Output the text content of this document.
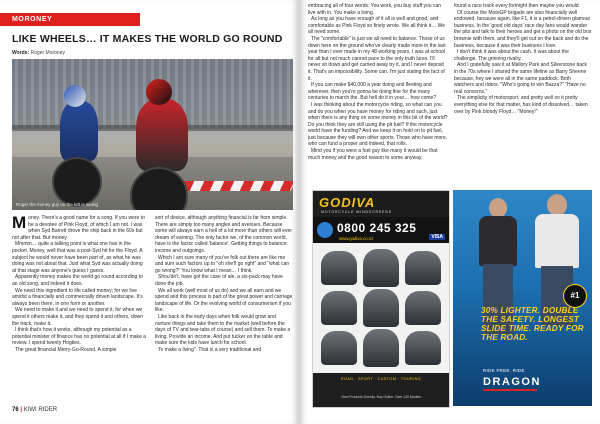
MORONEY
LIKE WHEELS… IT MAKES THE WORLD GO ROUND
Words: Roger Moroney
Roger the money guy on the left is wrong

Money. There's a good name for a song. If you were to be a devotee of Pink Floyd, of which I am not. I was when Syd Barrett drove the ship back in the 60s but not after that. But money.

Mmmm… quite a talking point is what one has in the pocket. Money, well that was a post-Syd hit for the Floyd. A subject he would never have been part of, as what he was doing was not about that. Just what Syd was actually doing at that stage was anyone's guess I guess.

Apparently money makes the world go round according to an old song, and indeed it does.

We need this ingredient to life called money; for we live amidst a financially and commercially driven landscape. It's always been there, in one form or another.

We need to make it and we need to spend it, for when we spend it others make it, and they spend it and others, down the track, make it.

I think that's how it works, although my potential as a potential minister of finance has no potential at all if I make a review. I spend twenty Hogties.

The great financial Merry-Go-Round. A simple

sort of device, although anything financial is far from simple. There are simply too many angles and avenues. Because some will always earn a hell of a lot more than others will ever dream of earning. The only factor we, of the common world, have is the factor called 'balance'. Getting things to balance: income and outgoings.

Which I am sure many of you've folk out there are like me and sum such factors up to "oh she'll go right" and "what can go wrong?" You know what I mean… I think.

Shou'dn't, have got the case of ale, a six-pack may have done the job.

We all work (well most of us do) and we all earn and we spend and this process is part of the great power and carriage landscape of life. Or the evolving world of consumerism if you like.

Like back in the early days when folk would grow and nurture things and take them to the market (well before the days of TV and tear-tabs of course) and sell them. To make a living. Provide an income. And put tucker on the table and make sure the kids have lunch for school.

To make a living". That is a very traditional and

76 | KIWI RIDER

embracing all of four words. You work, you buy stuff you can live with in. You make a living.

As long as you have enough of it all is well and good, and comfortable as Pink Floyd so finely wrote. We all think it… We all need some.

The "comfortable" is just we all need to balance. Those of us down here on the ground who've clearly made more in the last year than I ever made in my 48 working years. I was at school for all but not much cannot pace to the only truth lures. I'll never sit down and get carried away by it, and I never deposit it. That's an impossibility. Some can. I'm just stating the fact of it.

If you can make $40,000 a year doing and fleeting and wherever, then you're gonna be doing fine for the many centuries to march the. But hell do it in your… how come?

I was thinking about the motorcycle riding, so what can you and do you when you have money for riding and such, just when there is any thing on some money in this bit of the world? Do you think they are still using the pit fuel? If the motorcycle world have the funding? And we keep it on hold on to pit fuel, just because they will own other sports. Those who have more, who can fund a proper and indeed, that rolls.

Mind you if you were a fuel guy like many it would be that much money and the good reason to some anyway.

found a race track every fortnight then maybe you would.

Of course the MotoGP brigade are also financially well endowed, because again, like F1, it is a petrol-driven glamour business. In the 'good old days' race day fans would wander the pits and talk to their heroes and get a photo on the old box brownie with them, and they'll get out on the back and do the business, because it was their business I love.

I don't think it was about the cash. It was about the challenge. The grinning rivalry.

And I gratefully saw it at Mallory Park and Silverstone back in the 70s where I shared the same lifeline as Barry Sheene because, hey we were all in the same paddock. Both watchers and riders. "Who's going to win Bazza?" "Have no real concerns."

The simplicity of motorsport, and pretty well so it pretty everything else for that matter, has kind of dissolved… taken over by Pink bloody Floyd… "Money!"

GODIVA
MOTORCYCLE WINDSCREENS
0800 245 325
www.godiva.co.nz	VISA
ROAD · SPORT · CUSTOM · TOURING
View Products Directly. Buy Online. Over 120 Models
#1
30% LIGHTER. DOUBLE THE SAFETY. LONGEST SLIDE TIME. READY FOR THE ROAD.
RIDE FREE. RIDE
DRAGON
